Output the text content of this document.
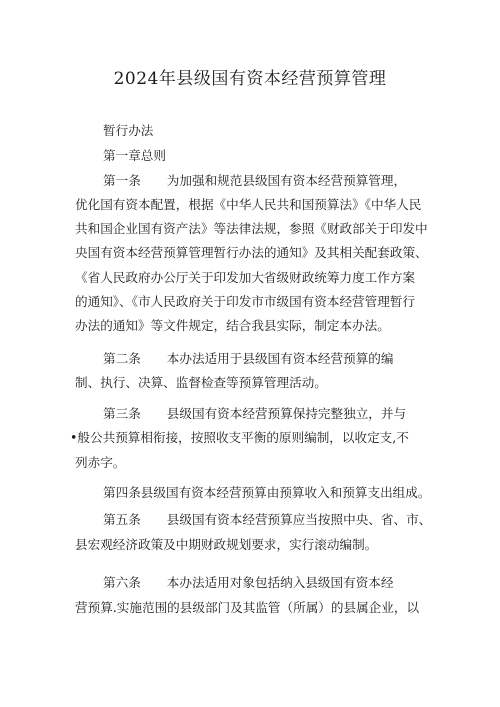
2024年县级国有资本经营预算管理
暂行办法
第一章总则
第一条 为加强和规范县级国有资本经营预算管理，
优化国有资本配置，根据《中华人民共和国预算法》《中华人民
共和国企业国有资产法》等法律法规，参照《财政部关于印发中
央国有资本经营预算管理暂行办法的通知》及其相关配套政策、
《省人民政府办公厅关于印发加大省级财政统筹力度工作方案
的通知》、《市人民政府关于印发市市级国有资本经营管理暂行
办法的通知》等文件规定，结合我县实际，制定本办法。
第二条 本办法适用于县级国有资本经营预算的编
制、执行、决算、监督检查等预算管理活动。
第三条 县级国有资本经营预算保持完整独立，并与
•般公共预算相衔接，按照收支平衡的原则编制，以收定支,不
列赤字。
第四条县级国有资本经营预算由预算收入和预算支出组成。
第五条 县级国有资本经营预算应当按照中央、省、市、
县宏观经济政策及中期财政规划要求，实行滚动编制。
第六条 本办法适用对象包括纳入县级国有资本经
营预算.实施范围的县级部门及其监管（所属）的县属企业，以
